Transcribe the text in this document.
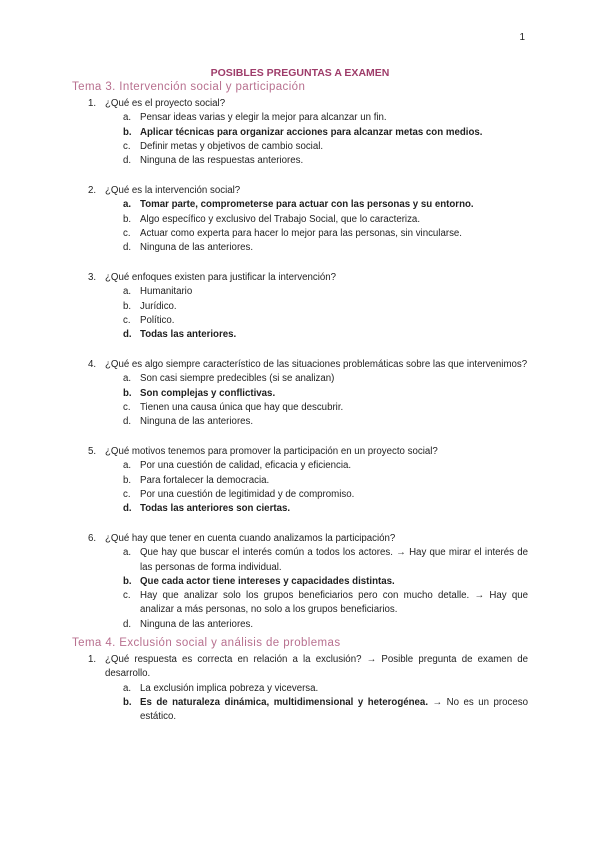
1
POSIBLES PREGUNTAS A EXAMEN
Tema 3. Intervención social y participación
1. ¿Qué es el proyecto social?
a. Pensar ideas varias y elegir la mejor para alcanzar un fin.
b. Aplicar técnicas para organizar acciones para alcanzar metas con medios.
c. Definir metas y objetivos de cambio social.
d. Ninguna de las respuestas anteriores.
2. ¿Qué es la intervención social?
a. Tomar parte, comprometerse para actuar con las personas y su entorno.
b. Algo específico y exclusivo del Trabajo Social, que lo caracteriza.
c. Actuar como experta para hacer lo mejor para las personas, sin vincularse.
d. Ninguna de las anteriores.
3. ¿Qué enfoques existen para justificar la intervención?
a. Humanitario
b. Jurídico.
c. Político.
d. Todas las anteriores.
4. ¿Qué es algo siempre característico de las situaciones problemáticas sobre las que intervenimos?
a. Son casi siempre predecibles (si se analizan)
b. Son complejas y conflictivas.
c. Tienen una causa única que hay que descubrir.
d. Ninguna de las anteriores.
5. ¿Qué motivos tenemos para promover la participación en un proyecto social?
a. Por una cuestión de calidad, eficacia y eficiencia.
b. Para fortalecer la democracia.
c. Por una cuestión de legitimidad y de compromiso.
d. Todas las anteriores son ciertas.
6. ¿Qué hay que tener en cuenta cuando analizamos la participación?
a. Que hay que buscar el interés común a todos los actores. → Hay que mirar el interés de las personas de forma individual.
b. Que cada actor tiene intereses y capacidades distintas.
c. Hay que analizar solo los grupos beneficiarios pero con mucho detalle. → Hay que analizar a más personas, no solo a los grupos beneficiarios.
d. Ninguna de las anteriores.
Tema 4. Exclusión social y análisis de problemas
1. ¿Qué respuesta es correcta en relación a la exclusión? → Posible pregunta de examen de desarrollo.
a. La exclusión implica pobreza y viceversa.
b. Es de naturaleza dinámica, multidimensional y heterogénea. → No es un proceso estático.
